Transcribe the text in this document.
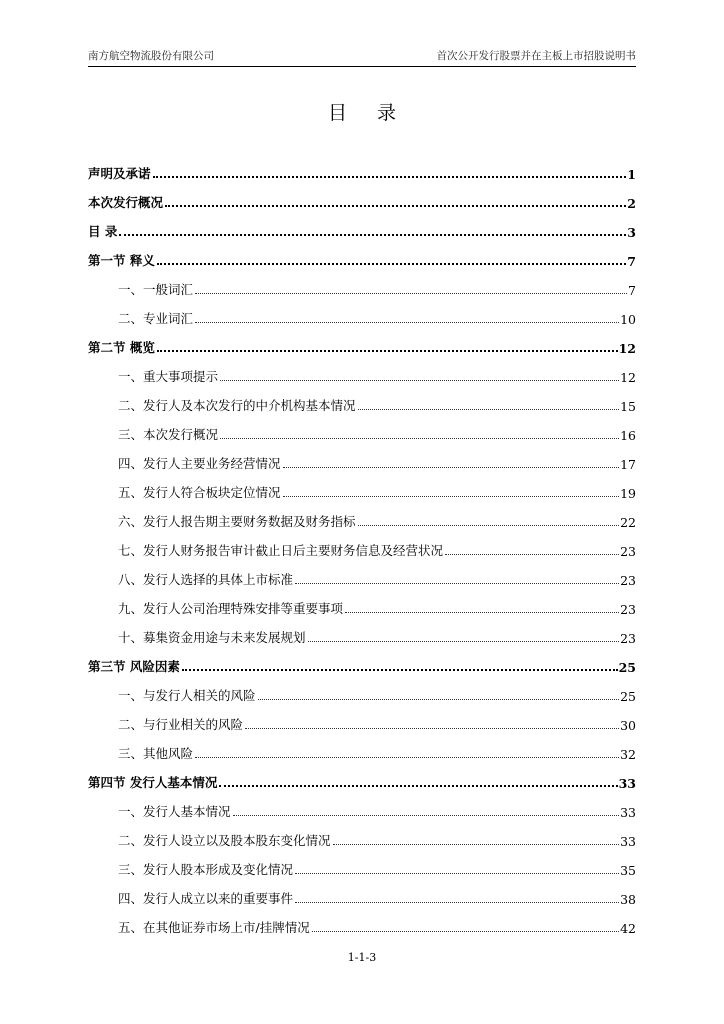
南方航空物流股份有限公司	首次公开发行股票并在主板上市招股说明书
目 录
声明及承诺	1
本次发行概况	2
目 录	3
第一节 释义	7
一、一般词汇	7
二、专业词汇	10
第二节 概览	12
一、重大事项提示	12
二、发行人及本次发行的中介机构基本情况	15
三、本次发行概况	16
四、发行人主要业务经营情况	17
五、发行人符合板块定位情况	19
六、发行人报告期主要财务数据及财务指标	22
七、发行人财务报告审计截止日后主要财务信息及经营状况	23
八、发行人选择的具体上市标准	23
九、发行人公司治理特殊安排等重要事项	23
十、募集资金用途与未来发展规划	23
第三节 风险因素	25
一、与发行人相关的风险	25
二、与行业相关的风险	30
三、其他风险	32
第四节 发行人基本情况	33
一、发行人基本情况	33
二、发行人设立以及股本股东变化情况	33
三、发行人股本形成及变化情况	35
四、发行人成立以来的重要事件	38
五、在其他证券市场上市/挂牌情况	42
1-1-3
